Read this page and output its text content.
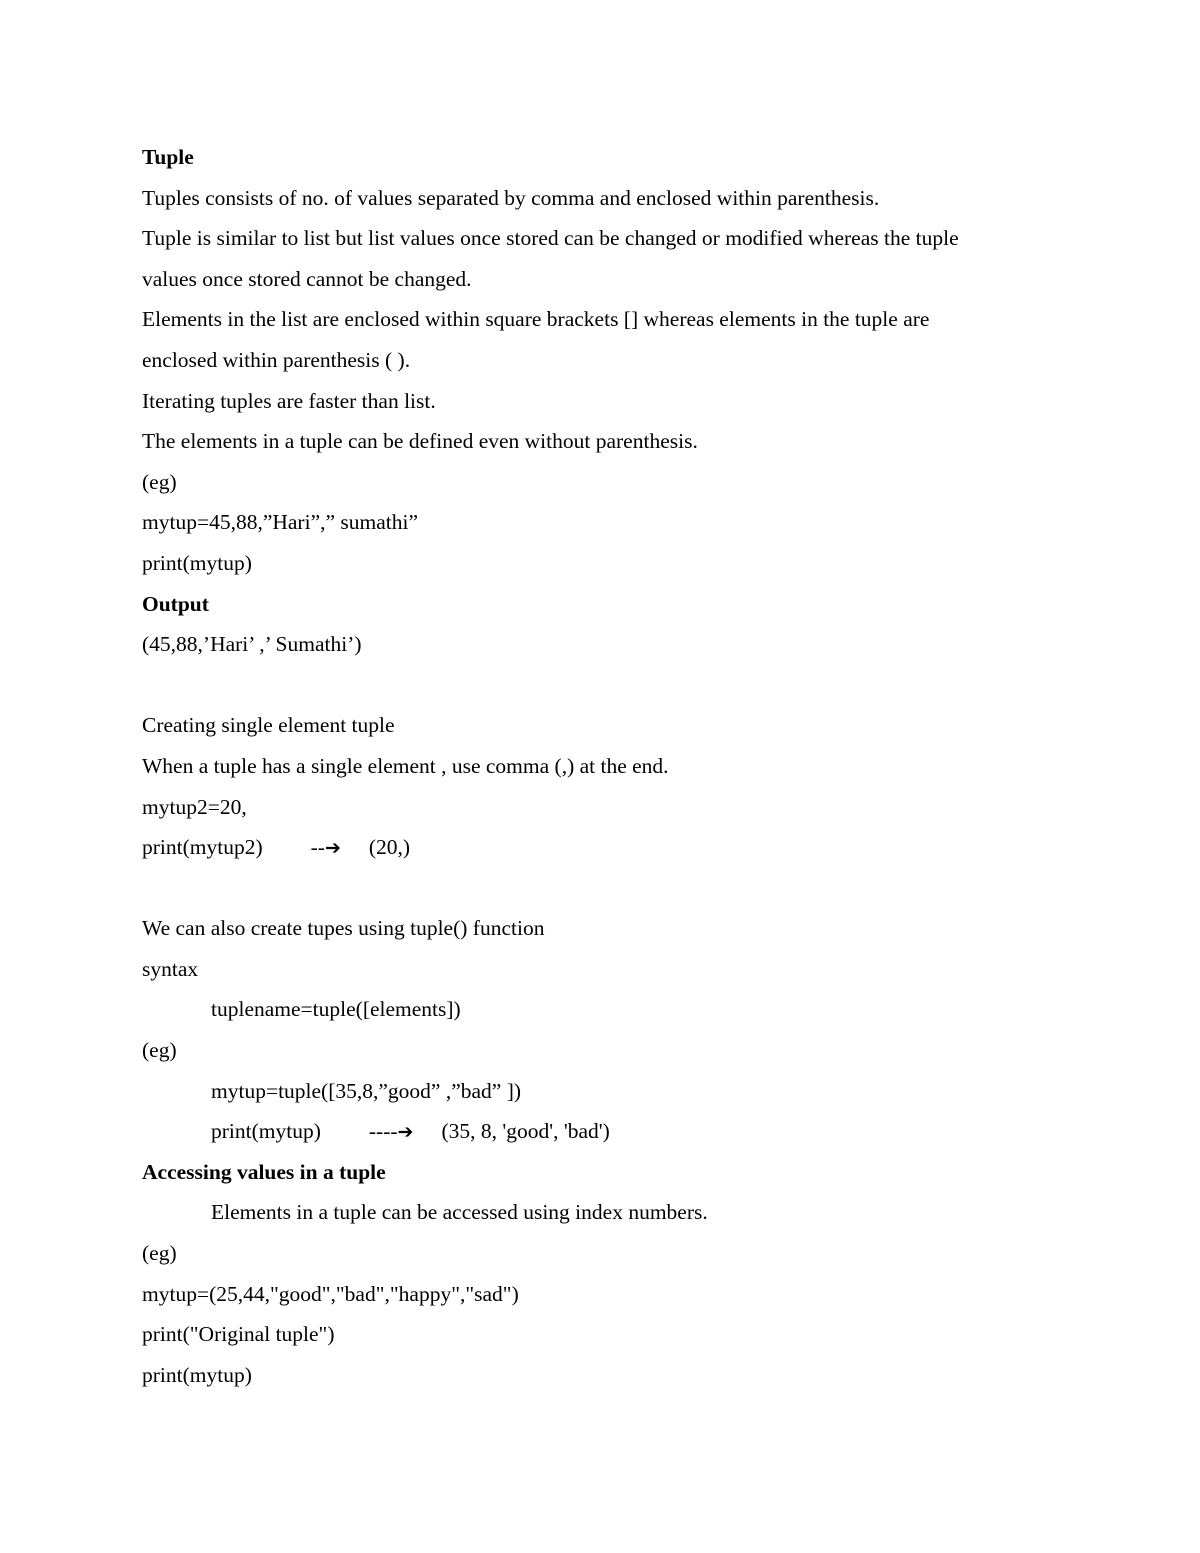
Tuple
Tuples consists of no. of values separated by comma and enclosed within parenthesis.
Tuple is similar to list but list values once stored can be changed or modified whereas the tuple
values once stored cannot be changed.
Elements in the list are enclosed within square brackets [] whereas elements in the tuple are
enclosed within parenthesis ( ).
Iterating tuples are faster than list.
The elements in a tuple can be defined even without parenthesis.
(eg)
mytup=45,88,”Hari”,” sumathi”
print(mytup)
Output
(45,88,’Hari’ ,’ Sumathi’)
Creating single element tuple
When a tuple has a single element , use comma (,) at the end.
mytup2=20,
print(mytup2) --➔ (20,)
We can also create tupes using tuple() function
syntax
tuplename=tuple([elements])
(eg)
mytup=tuple([35,8,”good” ,”bad” ])
print(mytup) ----➔ (35, 8, 'good', 'bad')
Accessing values in a tuple
Elements in a tuple can be accessed using index numbers.
(eg)
mytup=(25,44,"good","bad","happy","sad")
print("Original tuple")
print(mytup)
